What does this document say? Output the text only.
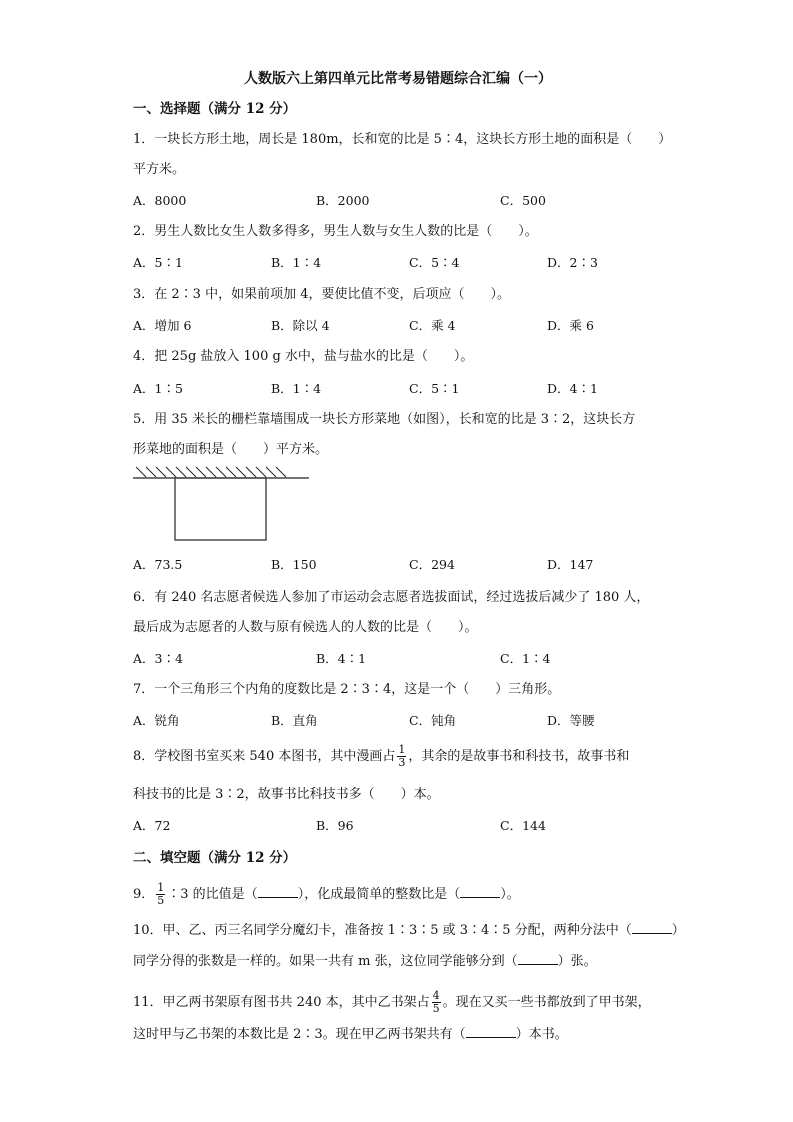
人数版六上第四单元比常考易错题综合汇编（一）
一、选择题（满分 12 分）
1．一块长方形土地，周长是 180m，长和宽的比是 5∶4，这块长方形土地的面积是（　　）
平方米。
A．8000	B．2000	C．500
2．男生人数比女生人数多得多，男生人数与女生人数的比是（　　）。
A．5∶1	B．1∶4	C．5∶4	D．2∶3
3．在 2∶3 中，如果前项加 4，要使比值不变，后项应（　　）。
A．增加 6	B．除以 4	C．乘 4	D．乘 6
4．把 25g 盐放入 100 g 水中，盐与盐水的比是（　　）。
A．1∶5	B．1∶4	C．5∶1	D．4∶1
5．用 35 米长的栅栏靠墙围成一块长方形菜地（如图），长和宽的比是 3∶2，这块长方
形菜地的面积是（　　）平方米。
A．73.5	B．150	C．294	D．147
6．有 240 名志愿者候选人参加了市运动会志愿者选拔面试，经过选拔后减少了 180 人，
最后成为志愿者的人数与原有候选人的人数的比是（　　）。
A．3∶4	B．4∶1	C．1∶4
7．一个三角形三个内角的度数比是 2∶3∶4，这是一个（　　）三角形。
A．锐角	B．直角	C．钝角	D．等腰
8．学校图书室买来 540 本图书，其中漫画占 $\frac{1}{3}$ ，其余的是故事书和科技书，故事书和
科技书的比是 3∶2，故事书比科技书多（　　）本。
A．72	B．96	C．144
二、填空题（满分 12 分）
9． $\frac{1}{5}$ ∶3 的比值是（	），化成最简单的整数比是（	）。
10．甲、乙、丙三名同学分魔幻卡，准备按 1∶3∶5 或 3∶4∶5 分配，两种分法中（	）
同学分得的张数是一样的。如果一共有 m 张，这位同学能够分到（	）张。
11．甲乙两书架原有图书共 240 本，其中乙书架占 $\frac{4}{5}$ 。现在又买一些书都放到了甲书架，
这时甲与乙书架的本数比是 2∶3。现在甲乙两书架共有（	）本书。
